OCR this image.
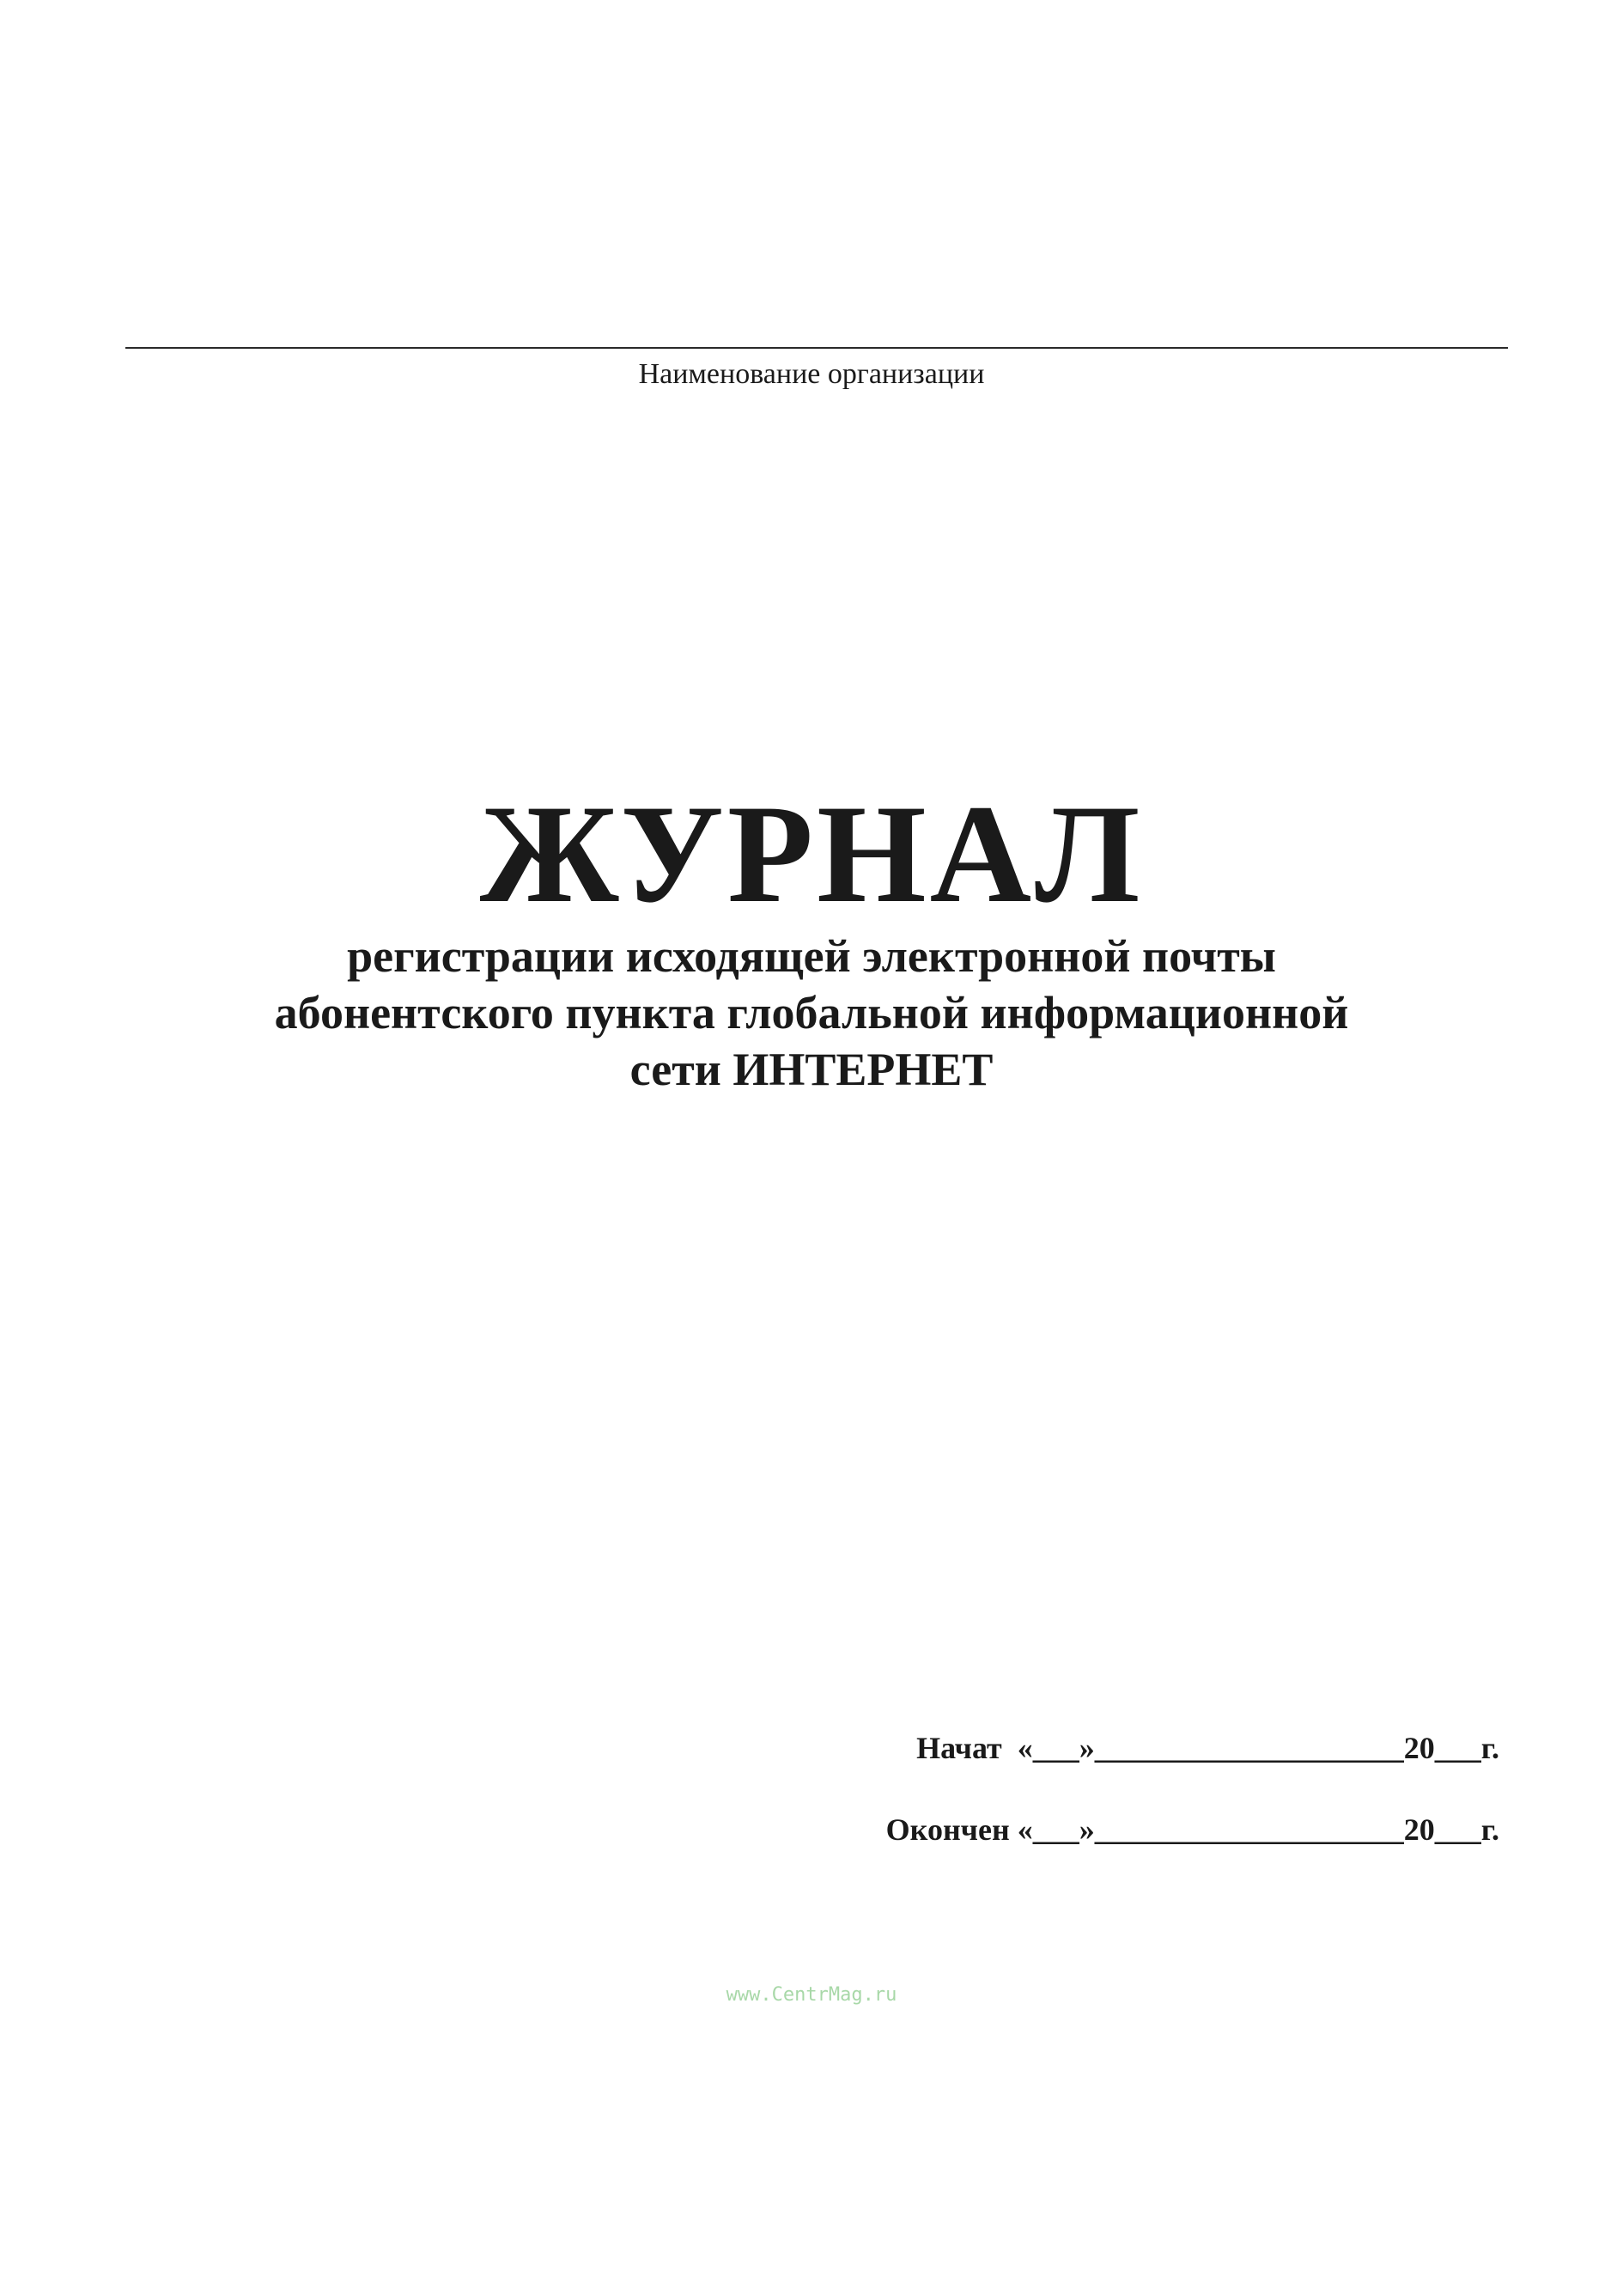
Наименование организации
ЖУРНАЛ

регистрации исходящей электронной почты

абонентского пункта глобальной информационной

сети ИНТЕРНЕТ

Начат  «___»____________________20___г.
Окончен «___»____________________20___г.
www.CentrMag.ru
